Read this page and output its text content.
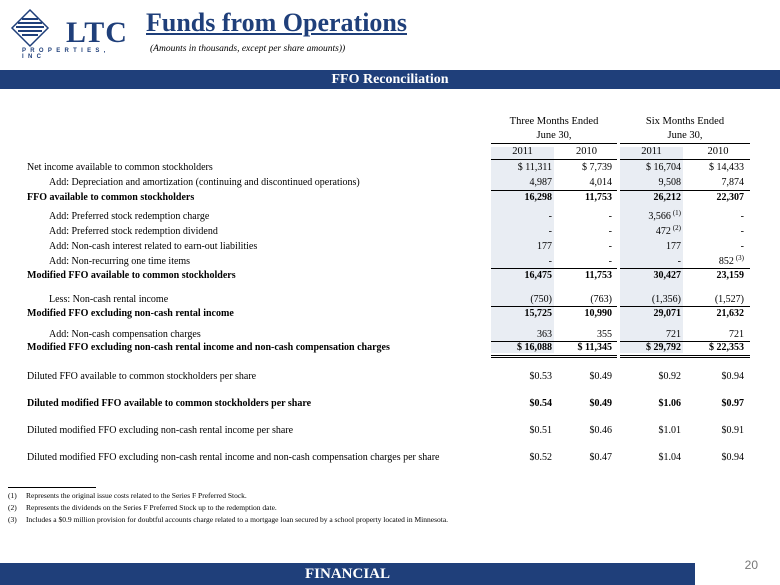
LTC
PROPERTIES, INC
Funds from Operations
(Amounts in thousands, except per share amounts))
FFO Reconciliation
Three Months Ended
June 30,
Six Months Ended
June 30,
2011	2010	2011	2010
Net income available to common stockholders	$ 11,311	$ 7,739	$ 16,704	$ 14,433
Add: Depreciation and amortization (continuing and discontinued operations)	4,987	4,014	9,508	7,874
FFO available to common stockholders	16,298	11,753	26,212	22,307
Add: Preferred stock redemption charge	-	-	3,566 $^{(1)}$	-
Add: Preferred stock redemption dividend	-	-	472 $^{(2)}$	-
Add: Non-cash interest related to earn-out liabilities	177	-	177	-
Add: Non-recurring one time items	-	-	-	852 $^{(3)}$
Modified FFO available to common stockholders	16,475	11,753	30,427	23,159
Less: Non-cash rental income	(750)	(763)	(1,356)	(1,527)
Modified FFO excluding non-cash rental income	15,725	10,990	29,071	21,632
Add: Non-cash compensation charges	363	355	721	721
Modified FFO excluding non-cash rental income and non-cash compensation charges	$ 16,088	$ 11,345	$ 29,792	$ 22,353
Diluted FFO available to common stockholders per share	$0.53	$0.49	$0.92	$0.94
Diluted modified FFO available to common stockholders per share	$0.54	$0.49	$1.06	$0.97
Diluted modified FFO excluding non-cash rental income per share	$0.51	$0.46	$1.01	$0.91
Diluted modified FFO excluding non-cash rental income and non-cash compensation charges per share	$0.52	$0.47	$1.04	$0.94
(1) Represents the original issue costs related to the Series F Preferred Stock.
(2) Represents the dividends on the Series F Preferred Stock up to the redemption date.
(3) Includes a $0.9 million provision for doubtful accounts charge related to a mortgage loan secured by a school property located in Minnesota.
FINANCIAL
20
